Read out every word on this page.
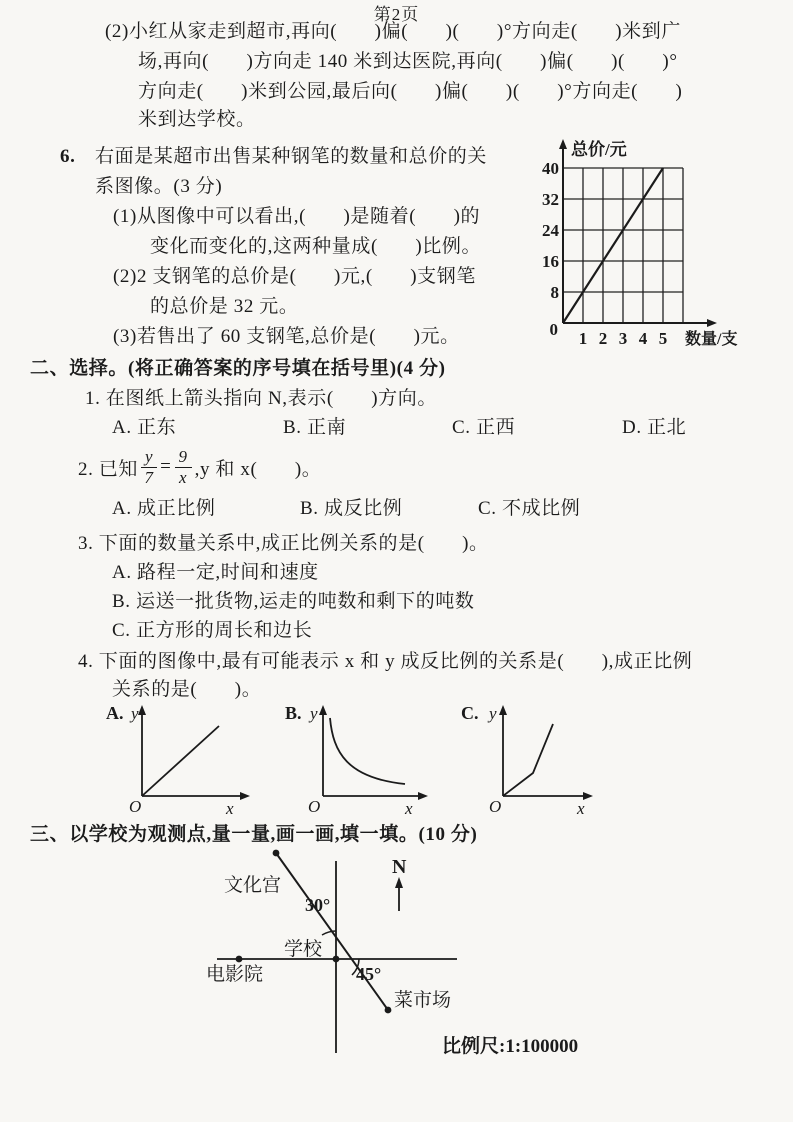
(2)小红从家走到超市,再向(       )偏(       )(       )°方向走(       )米到广
场,再向(       )方向走 140 米到达医院,再向(       )偏(       )(       )°
方向走(       )米到公园,最后向(       )偏(       )(       )°方向走(       )
米到达学校。
6. 右面是某超市出售某种钢笔的数量和总价的关
系图像。(3 分)
(1)从图像中可以看出,(       )是随着(       )的
变化而变化的,这两种量成(       )比例。
(2)2 支钢笔的总价是(       )元,(       )支钢笔
的总价是 32 元。
(3)若售出了 60 支钢笔,总价是(       )元。
总价/元
40
32
24
16
8
0 1 2 3 4 5 数量/支
二、选择。(将正确答案的序号填在括号里)(4 分)
1. 在图纸上箭头指向 N,表示(       )方向。
A. 正东	B. 正南	C. 正西	D. 正北
2. 已知 $\frac{y}{7} = \frac{9}{x} ,y$ 和 x(       )。
A. 成正比例	B. 成反比例	C. 不成比例
3. 下面的数量关系中,成正比例关系的是(       )。
A. 路程一定,时间和速度
B. 运送一批货物,运走的吨数和剩下的吨数
C. 正方形的周长和边长
4. 下面的图像中,最有可能表示 x 和 y 成反比例的关系是(       ),成正比例
关系的是(       )。
A. y
O	x
B. y
O	x
C. y
O	x
三、以学校为观测点,量一量,画一画,填一填。(10 分)
N
文化宫
30°
学校
电影院	45°
菜市场
比例尺:1:100000
第2页
